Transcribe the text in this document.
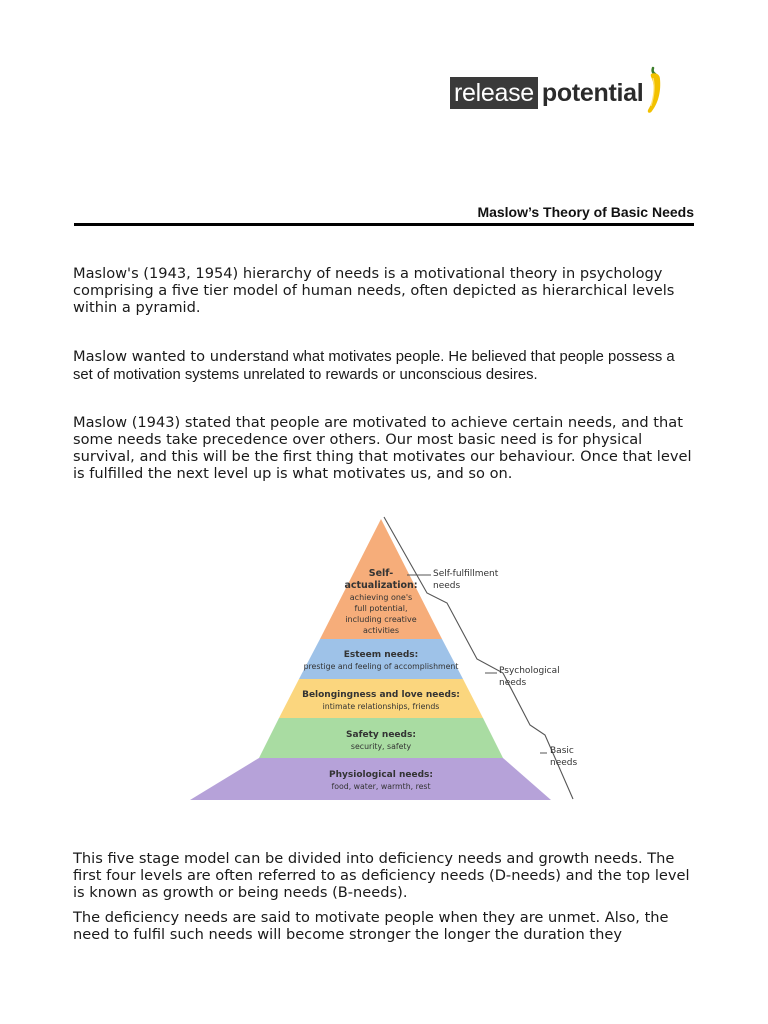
release potential
Maslow’s Theory of Basic Needs

Maslow's (1943, 1954) hierarchy of needs is a motivational theory in psychology comprising a five tier model of human needs, often depicted as hierarchical levels within a pyramid.

Maslow wanted to understand what motivates people. He believed that people possess a set of motivation systems unrelated to rewards or unconscious desires.

Maslow (1943) stated that people are motivated to achieve certain needs, and that some needs take precedence over others. Our most basic need is for physical survival, and this will be the first thing that motivates our behaviour. Once that level is fulfilled the next level up is what motivates us, and so on.

Self-
actualization:
achieving one's
full potential,
including creative
activities
Esteem needs:
prestige and feeling of accomplishment
Belongingness and love needs:
intimate relationships, friends
Safety needs:
security, safety
Physiological needs:
food, water, warmth, rest
Self-fulfillment
needs
Psychological
needs
Basic
needs

This five stage model can be divided into deficiency needs and growth needs. The first four levels are often referred to as deficiency needs (D-needs) and the top level is known as growth or being needs (B-needs).

The deficiency needs are said to motivate people when they are unmet. Also, the need to fulfil such needs will become stronger the longer the duration they
